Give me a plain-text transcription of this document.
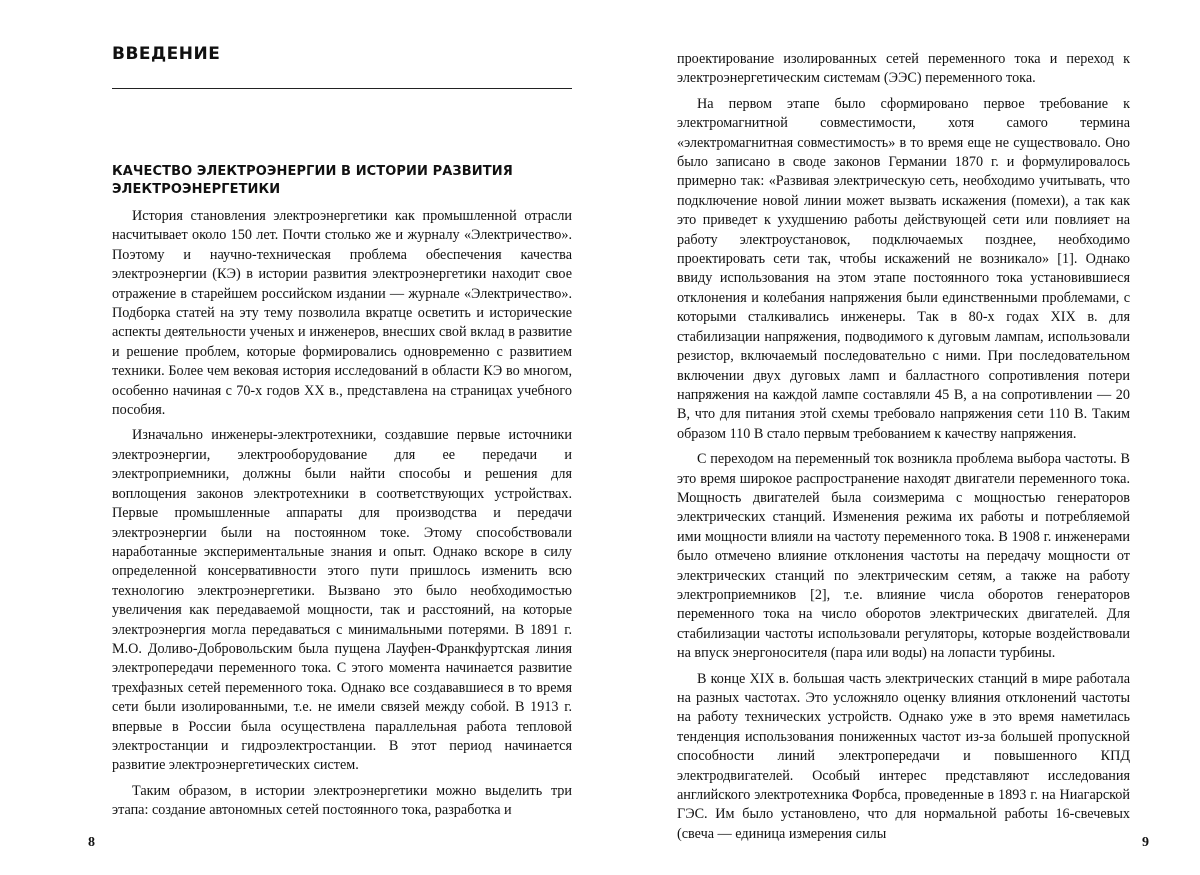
ВВЕДЕНИЕ
КАЧЕСТВО ЭЛЕКТРОЭНЕРГИИ В ИСТОРИИ РАЗВИТИЯ ЭЛЕКТРОЭНЕРГЕТИКИ

История становления электроэнергетики как промышленной отрасли насчитывает около 150 лет. Почти столько же и журналу «Электричество». Поэтому и научно-техническая проблема обеспечения качества электроэнергии (КЭ) в истории развития электроэнергетики находит свое отражение в старейшем российском издании — журнале «Электричество». Подборка статей на эту тему позволила вкратце осветить и исторические аспекты деятельности ученых и инженеров, внесших свой вклад в развитие и решение проблем, которые формировались одновременно с развитием техники. Более чем вековая история исследований в области КЭ во многом, особенно начиная с 70-х годов XX в., представлена на страницах учебного пособия.

Изначально инженеры-электротехники, создавшие первые источники электроэнергии, электрооборудование для ее передачи и электроприемники, должны были найти способы и решения для воплощения законов электротехники в соответствующих устройствах. Первые промышленные аппараты для производства и передачи электроэнергии были на постоянном токе. Этому способствовали наработанные экспериментальные знания и опыт. Однако вскоре в силу определенной консервативности этого пути пришлось изменить всю технологию электроэнергетики. Вызвано это было необходимостью увеличения как передаваемой мощности, так и расстояний, на которые электроэнергия могла передаваться с минимальными потерями. В 1891 г. М.О. Доливо-Добровольским была пущена Лауфен-Франкфуртская линия электропередачи переменного тока. С этого момента начинается развитие трехфазных сетей переменного тока. Однако все создававшиеся в то время сети были изолированными, т.е. не имели связей между собой. В 1913 г. впервые в России была осуществлена параллельная работа тепловой электростанции и гидроэлектростанции. В этот период начинается развитие электроэнергетических систем.

Таким образом, в истории электроэнергетики можно выделить три этапа: создание автономных сетей постоянного тока, разработка и

8

проектирование изолированных сетей переменного тока и переход к электроэнергетическим системам (ЭЭС) переменного тока.

На первом этапе было сформировано первое требование к электромагнитной совместимости, хотя самого термина «электромагнитная совместимость» в то время еще не существовало. Оно было записано в своде законов Германии 1870 г. и формулировалось примерно так: «Развивая электрическую сеть, необходимо учитывать, что подключение новой линии может вызвать искажения (помехи), а так как это приведет к ухудшению работы действующей сети или повлияет на работу электроустановок, подключаемых позднее, необходимо проектировать сети так, чтобы искажений не возникало» [1]. Однако ввиду использования на этом этапе постоянного тока установившиеся отклонения и колебания напряжения были единственными проблемами, с которыми сталкивались инженеры. Так в 80-х годах XIX в. для стабилизации напряжения, подводимого к дуговым лампам, использовали резистор, включаемый последовательно с ними. При последовательном включении двух дуговых ламп и балластного сопротивления потери напряжения на каждой лампе составляли 45 В, а на сопротивлении — 20 В, что для питания этой схемы требовало напряжения сети 110 В. Таким образом 110 В стало первым требованием к качеству напряжения.

С переходом на переменный ток возникла проблема выбора частоты. В это время широкое распространение находят двигатели переменного тока. Мощность двигателей была соизмерима с мощностью генераторов электрических станций. Изменения режима их работы и потребляемой ими мощности влияли на частоту переменного тока. В 1908 г. инженерами было отмечено влияние отклонения частоты на передачу мощности от электрических станций по электрическим сетям, а также на работу электроприемников [2], т.е. влияние числа оборотов генераторов переменного тока на число оборотов электрических двигателей. Для стабилизации частоты использовали регуляторы, которые воздействовали на впуск энергоносителя (пара или воды) на лопасти турбины.

В конце XIX в. большая часть электрических станций в мире работала на разных частотах. Это усложняло оценку влияния отклонений частоты на работу технических устройств. Однако уже в это время наметилась тенденция использования пониженных частот из-за большей пропускной способности линий электропередачи и повышенного КПД электродвигателей. Особый интерес представляют исследования английского электротехника Форбса, проведенные в 1893 г. на Ниагарской ГЭС. Им было установлено, что для нормальной работы 16-свечевых (свеча — единица измерения силы

9
